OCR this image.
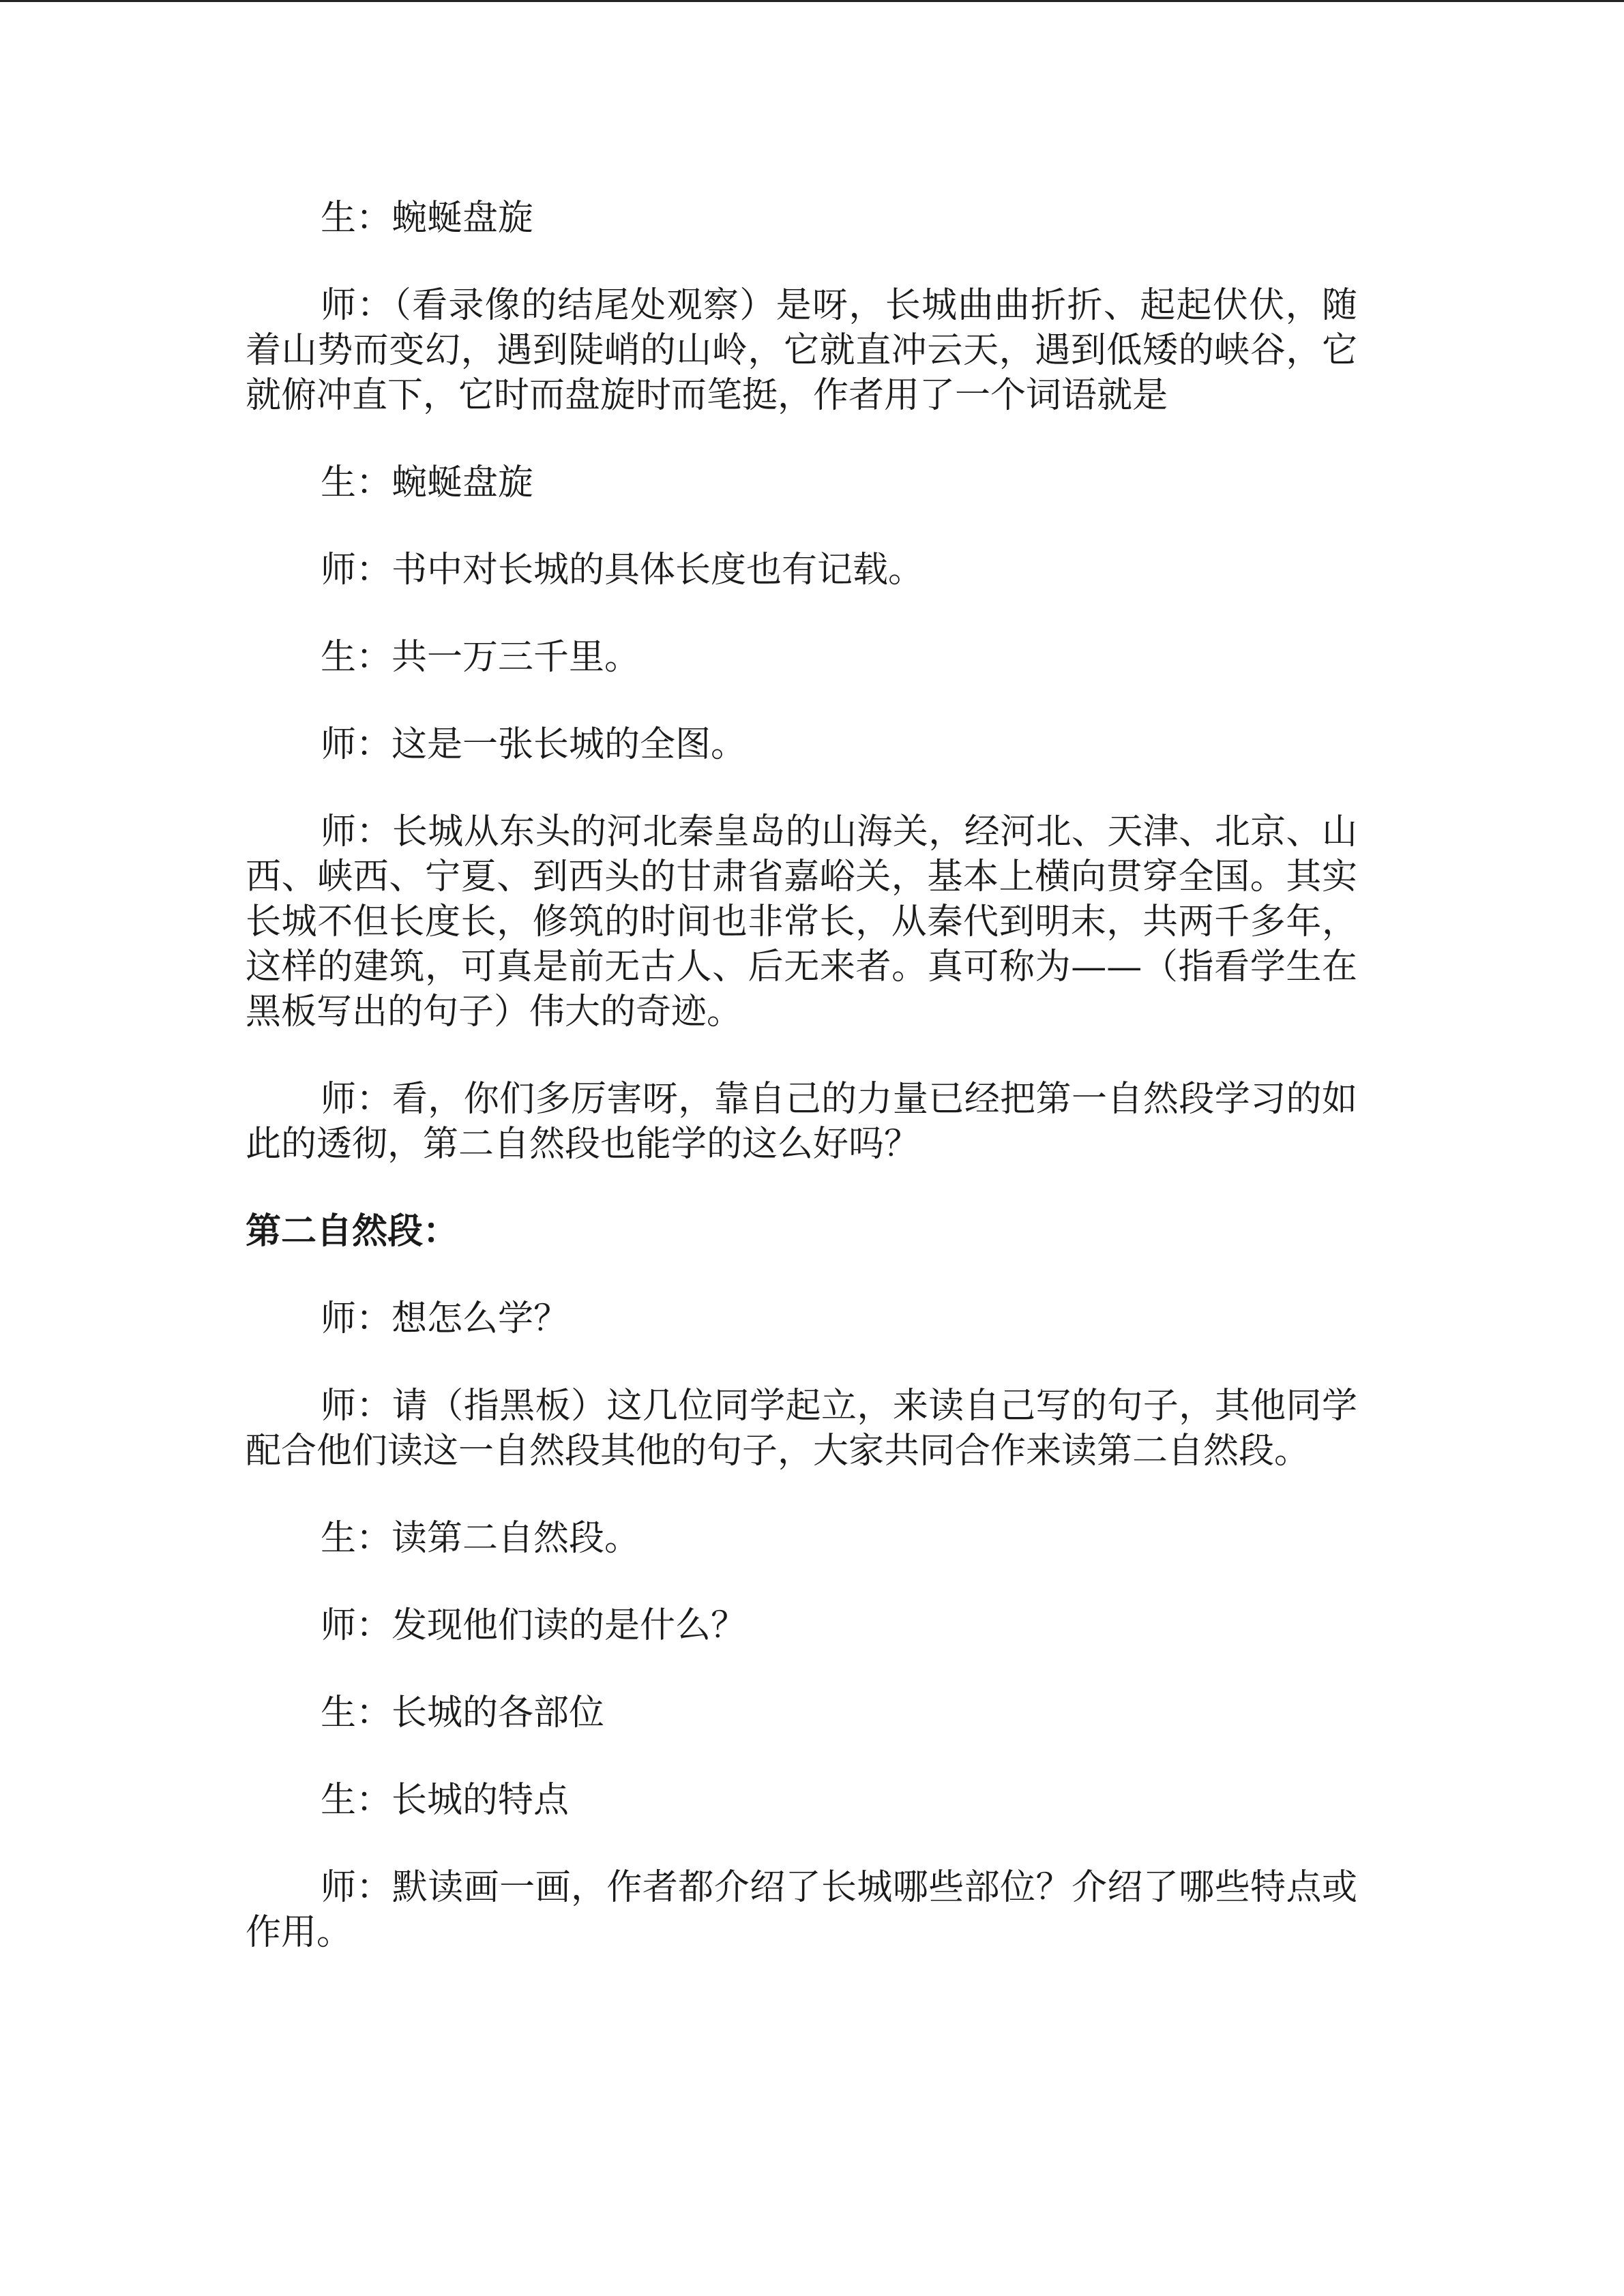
生：蜿蜒盘旋

师：（看录像的结尾处观察）是呀，长城曲曲折折、起起伏伏，随着山势而变幻，遇到陡峭的山岭，它就直冲云天，遇到低矮的峡谷，它就俯冲直下，它时而盘旋时而笔挺，作者用了一个词语就是

生：蜿蜒盘旋

师：书中对长城的具体长度也有记载。

生：共一万三千里。

师：这是一张长城的全图。

师：长城从东头的河北秦皇岛的山海关，经河北、天津、北京、山西、峡西、宁夏、到西头的甘肃省嘉峪关，基本上横向贯穿全国。其实长城不但长度长，修筑的时间也非常长，从秦代到明末，共两千多年，这样的建筑，可真是前无古人、后无来者。真可称为——（指看学生在黑板写出的句子）伟大的奇迹。

师：看，你们多厉害呀，靠自己的力量已经把第一自然段学习的如此的透彻，第二自然段也能学的这么好吗？

第二自然段：

师：想怎么学？

师：请（指黑板）这几位同学起立，来读自己写的句子，其他同学配合他们读这一自然段其他的句子，大家共同合作来读第二自然段。

生：读第二自然段。

师：发现他们读的是什么？

生：长城的各部位

生：长城的特点

师：默读画一画，作者都介绍了长城哪些部位？介绍了哪些特点或作用。
